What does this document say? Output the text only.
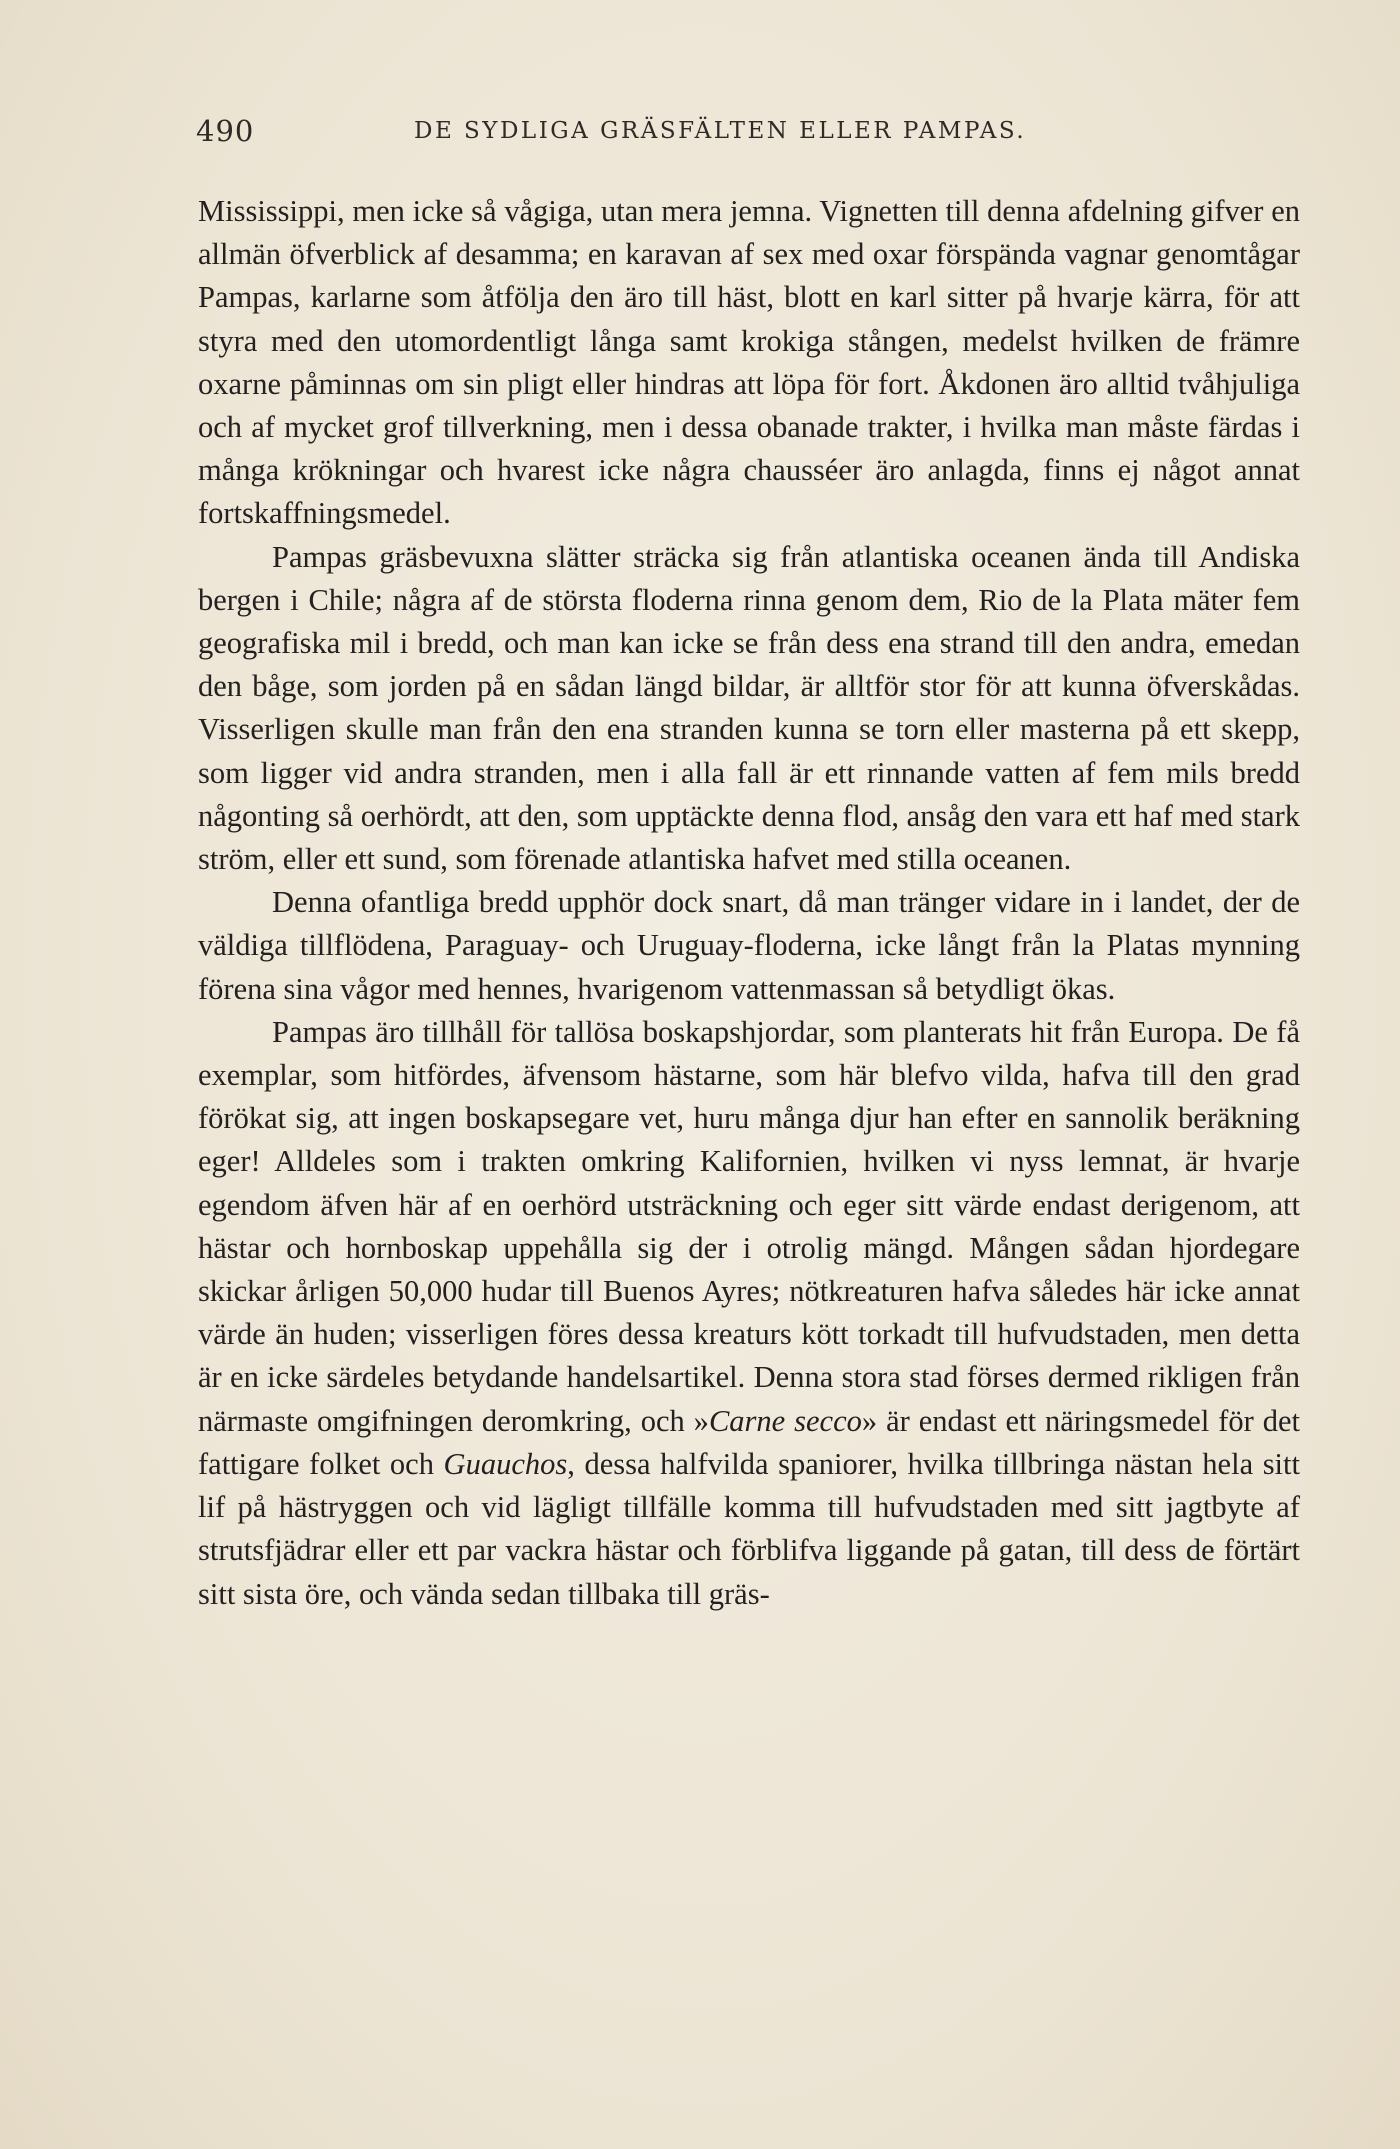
490	DE SYDLIGA GRÄSFÄLTEN ELLER PAMPAS.

Mississippi, men icke så vågiga, utan mera jemna. Vignetten till denna afdelning gifver en allmän öfverblick af desamma; en karavan af sex med oxar förspända vagnar genomtågar Pampas, karlarne som åtfölja den äro till häst, blott en karl sitter på hvarje kärra, för att styra med den utomordentligt långa samt krokiga stången, medelst hvilken de främre oxarne påminnas om sin pligt eller hindras att löpa för fort. Åkdonen äro alltid tvåhjuliga och af mycket grof tillverkning, men i dessa obanade trakter, i hvilka man måste färdas i många krökningar och hvarest icke några chausséer äro anlagda, finns ej något annat fortskaffningsmedel.

Pampas gräsbevuxna slätter sträcka sig från atlantiska oceanen ända till Andiska bergen i Chile; några af de största floderna rinna genom dem, Rio de la Plata mäter fem geografiska mil i bredd, och man kan icke se från dess ena strand till den andra, emedan den båge, som jorden på en sådan längd bildar, är alltför stor för att kunna öfverskådas. Visserligen skulle man från den ena stranden kunna se torn eller masterna på ett skepp, som ligger vid andra stranden, men i alla fall är ett rinnande vatten af fem mils bredd någonting så oerhördt, att den, som upptäckte denna flod, ansåg den vara ett haf med stark ström, eller ett sund, som förenade atlantiska hafvet med stilla oceanen.

Denna ofantliga bredd upphör dock snart, då man tränger vidare in i landet, der de väldiga tillflödena, Paraguay- och Uruguay-floderna, icke långt från la Platas mynning förena sina vågor med hennes, hvarigenom vattenmassan så betydligt ökas.

Pampas äro tillhåll för tallösa boskapshjordar, som planterats hit från Europa. De få exemplar, som hitfördes, äfvensom hästarne, som här blefvo vilda, hafva till den grad förökat sig, att ingen boskapsegare vet, huru många djur han efter en sannolik beräkning eger! Alldeles som i trakten omkring Kalifornien, hvilken vi nyss lemnat, är hvarje egendom äfven här af en oerhörd utsträckning och eger sitt värde endast derigenom, att hästar och hornboskap uppehålla sig der i otrolig mängd. Mången sådan hjordegare skickar årligen 50,000 hudar till Buenos Ayres; nötkreaturen hafva således här icke annat värde än huden; visserligen föres dessa kreaturs kött torkadt till hufvudstaden, men detta är en icke särdeles betydande handelsartikel. Denna stora stad förses dermed rikligen från närmaste omgifningen deromkring, och »Carne secco» är endast ett näringsmedel för det fattigare folket och Guauchos, dessa halfvilda spaniorer, hvilka tillbringa nästan hela sitt lif på hästryggen och vid lägligt tillfälle komma till hufvudstaden med sitt jagtbyte af strutsfjädrar eller ett par vackra hästar och förblifva liggande på gatan, till dess de förtärt sitt sista öre, och vända sedan tillbaka till gräs-
